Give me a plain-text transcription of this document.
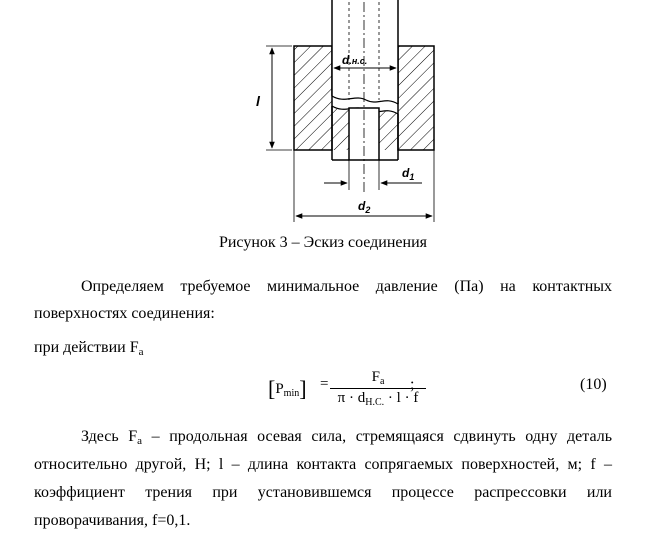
d.н.с.
l
$d_1$
$d_2$
Рисунок 3 – Эскиз соединения
Определяем требуемое минимальное давление (Па) на контактных
поверхностях соединения:
при действии Fa
$[P_{min}]$ =	$F_a$
$\pi \cdot d_{Н.С.} \cdot l \cdot f$
;	(10)
Здесь Fa – продольная осевая сила, стремящаяся сдвинуть одну деталь
относительно другой, Н; l – длина контакта сопрягаемых поверхностей, м; f –
коэффициент трения при установившемся процессе распрессовки или
проворачивания, f=0,1.
